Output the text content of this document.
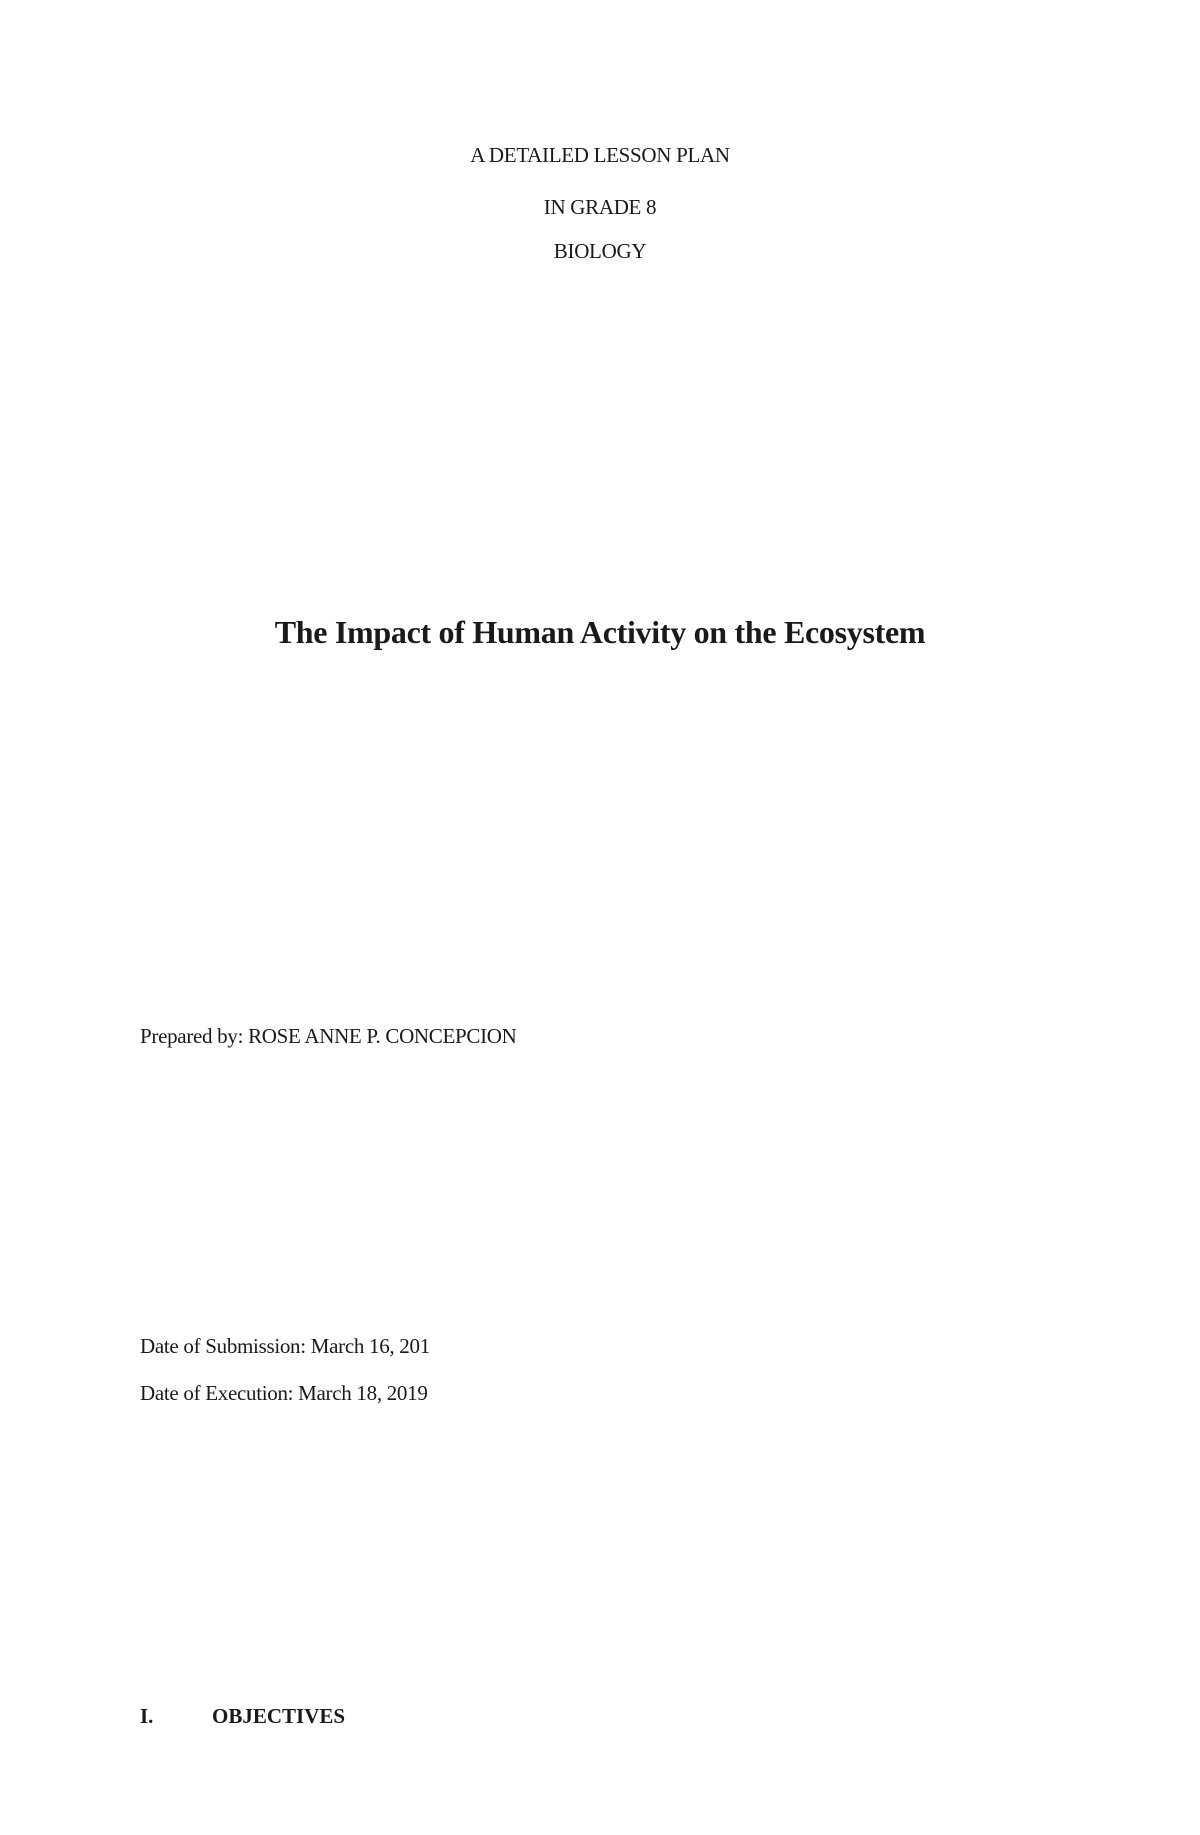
A DETAILED LESSON PLAN
IN GRADE 8
BIOLOGY
The Impact of Human Activity on the Ecosystem
Prepared by: ROSE ANNE P. CONCEPCION
Date of Submission: March 16, 201
Date of Execution: March 18, 2019
I.	OBJECTIVES
